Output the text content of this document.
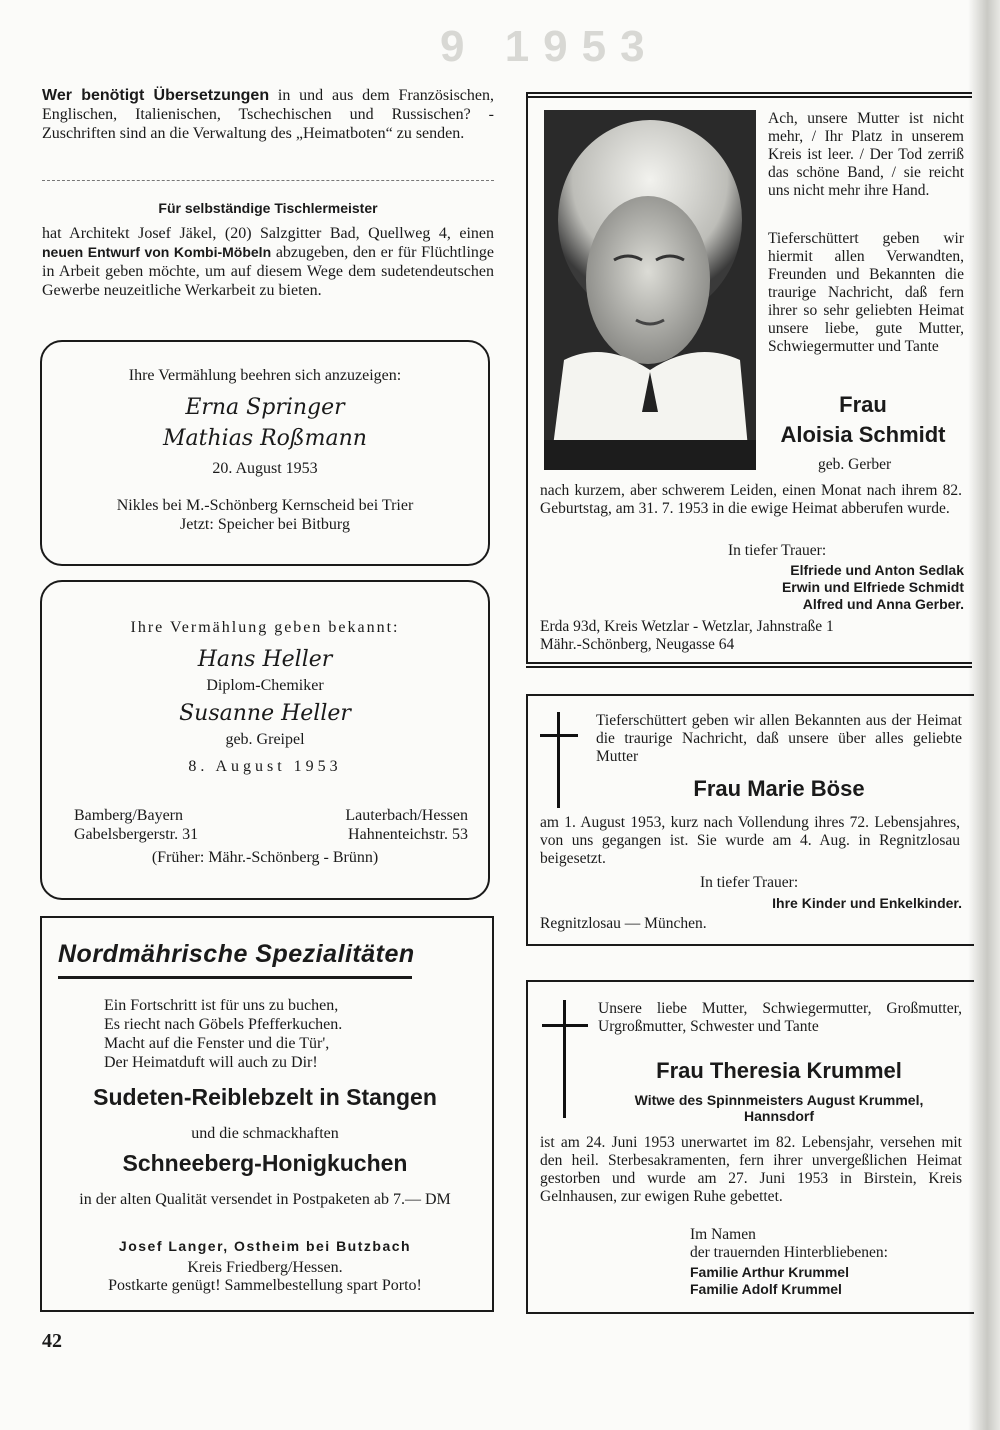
9 1953
Wer benötigt Übersetzungen in und aus dem Französischen, Englischen, Italienischen, Tschechischen und Russischen? - Zuschriften sind an die Verwaltung des „Heimatboten“ zu senden.
Für selbständige Tischlermeister
hat Architekt Josef Jäkel, (20) Salzgitter Bad, Quellweg 4, einen neuen Entwurf von Kombi-Möbeln abzugeben, den er für Flüchtlinge in Arbeit geben möchte, um auf diesem Wege dem sudetendeutschen Gewerbe neuzeitliche Werkarbeit zu bieten.
Ihre Vermählung beehren sich anzuzeigen:
Erna Springer
Mathias Roßmann
20. August 1953
Nikles bei M.-Schönberg Kernscheid bei Trier
Jetzt: Speicher bei Bitburg
Ihre Vermählung geben bekannt:
Hans Heller
Diplom-Chemiker
Susanne Heller
geb. Greipel
8. August 1953
Bamberg/Bayern
Gabelsbergerstr. 31
Lauterbach/Hessen
Hahnenteichstr. 53
(Früher: Mähr.-Schönberg - Brünn)
Nordmährische Spezialitäten
Ein Fortschritt ist für uns zu buchen,
Es riecht nach Göbels Pfefferkuchen.
Macht auf die Fenster und die Tür',
Der Heimatduft will auch zu Dir!
Sudeten-Reiblebzelt in Stangen
und die schmackhaften
Schneeberg-Honigkuchen
in der alten Qualität versendet in Postpaketen ab 7.— DM
Josef Langer, Ostheim bei Butzbach
Kreis Friedberg/Hessen.
Postkarte genügt! Sammelbestellung spart Porto!
42
Ach, unsere Mutter ist nicht mehr, / Ihr Platz in unserem Kreis ist leer. / Der Tod zerriß das schöne Band, / sie reicht uns nicht mehr ihre Hand.
Tieferschüttert geben wir hiermit allen Verwandten, Freunden und Bekannten die traurige Nachricht, daß fern ihrer so sehr geliebten Heimat unsere liebe, gute Mutter, Schwiegermutter und Tante
Frau
Aloisia Schmidt
geb. Gerber
nach kurzem, aber schwerem Leiden, einen Monat nach ihrem 82. Geburtstag, am 31. 7. 1953 in die ewige Heimat abberufen wurde.
In tiefer Trauer:
Elfriede und Anton Sedlak
Erwin und Elfriede Schmidt
Alfred und Anna Gerber.
Erda 93d, Kreis Wetzlar - Wetzlar, Jahnstraße 1
Mähr.-Schönberg, Neugasse 64
Tieferschüttert geben wir allen Bekannten aus der Heimat die traurige Nachricht, daß unsere über alles geliebte Mutter
Frau Marie Böse
am 1. August 1953, kurz nach Vollendung ihres 72. Lebensjahres, von uns gegangen ist. Sie wurde am 4. Aug. in Regnitzlosau beigesetzt.
In tiefer Trauer:
Ihre Kinder und Enkelkinder.
Regnitzlosau — München.
Unsere liebe Mutter, Schwiegermutter, Großmutter, Urgroßmutter, Schwester und Tante
Frau Theresia Krummel
Witwe des Spinnmeisters August Krummel,
Hannsdorf
ist am 24. Juni 1953 unerwartet im 82. Lebensjahr, versehen mit den heil. Sterbesakramenten, fern ihrer unvergeßlichen Heimat gestorben und wurde am 27. Juni 1953 in Birstein, Kreis Gelnhausen, zur ewigen Ruhe gebettet.
Im Namen
der trauernden Hinterbliebenen:
Familie Arthur Krummel
Familie Adolf Krummel
